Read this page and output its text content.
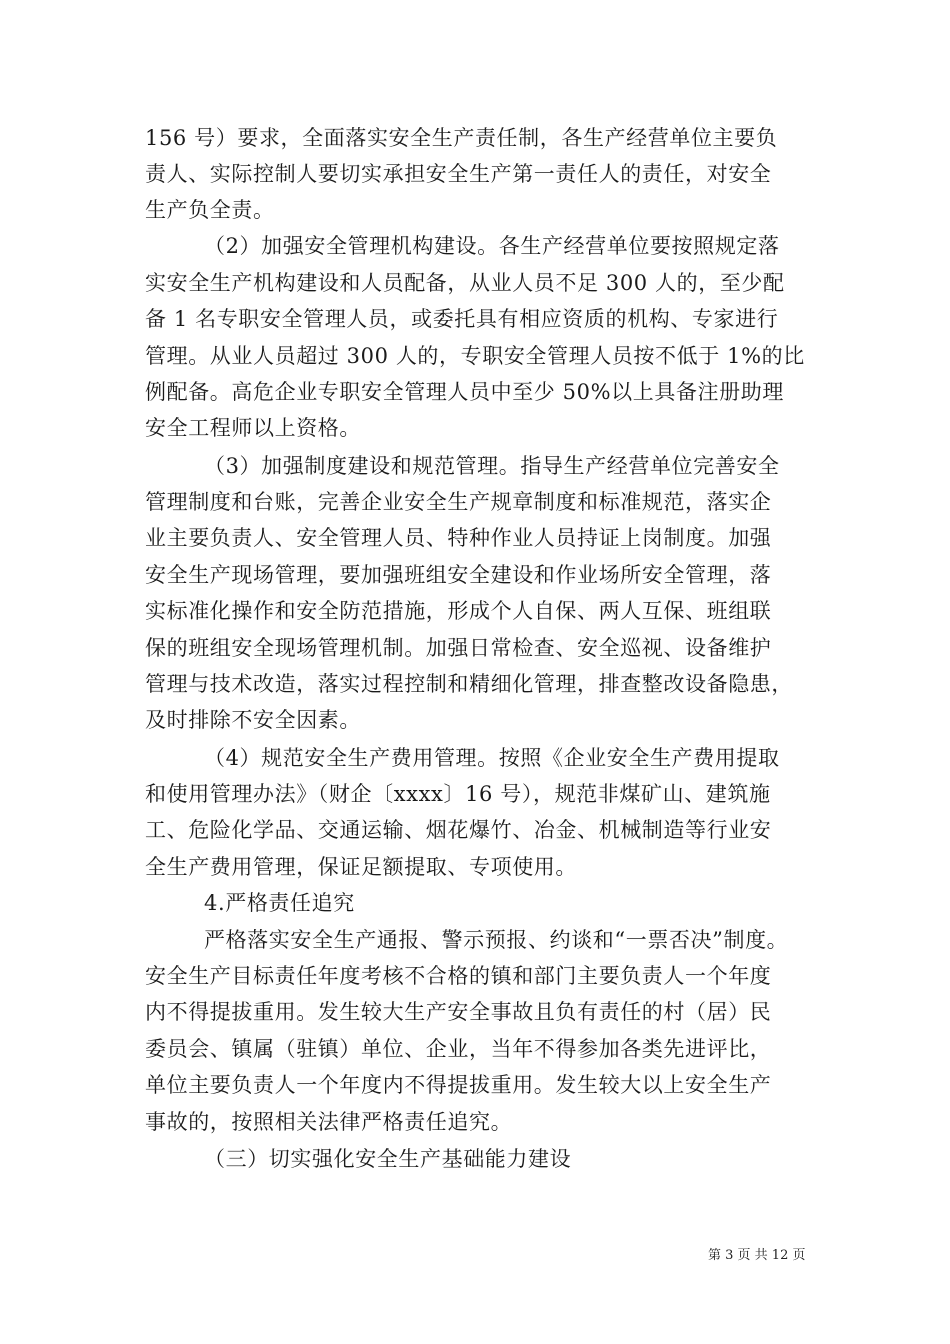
156 号）要求，全面落实安全生产责任制，各生产经营单位主要负
责人、实际控制人要切实承担安全生产第一责任人的责任，对安全
生产负全责。
（2）加强安全管理机构建设。各生产经营单位要按照规定落
实安全生产机构建设和人员配备，从业人员不足 300 人的，至少配
备 1 名专职安全管理人员，或委托具有相应资质的机构、专家进行
管理。从业人员超过 300 人的，专职安全管理人员按不低于 1%的比
例配备。高危企业专职安全管理人员中至少 50%以上具备注册助理
安全工程师以上资格。
（3）加强制度建设和规范管理。指导生产经营单位完善安全
管理制度和台账，完善企业安全生产规章制度和标准规范，落实企
业主要负责人、安全管理人员、特种作业人员持证上岗制度。加强
安全生产现场管理，要加强班组安全建设和作业场所安全管理，落
实标准化操作和安全防范措施，形成个人自保、两人互保、班组联
保的班组安全现场管理机制。加强日常检查、安全巡视、设备维护
管理与技术改造，落实过程控制和精细化管理，排查整改设备隐患，
及时排除不安全因素。
（4）规范安全生产费用管理。按照《企业安全生产费用提取
和使用管理办法》（财企〔xxxx〕16 号），规范非煤矿山、建筑施
工、危险化学品、交通运输、烟花爆竹、冶金、机械制造等行业安
全生产费用管理，保证足额提取、专项使用。
4.严格责任追究
严格落实安全生产通报、警示预报、约谈和“一票否决”制度。
安全生产目标责任年度考核不合格的镇和部门主要负责人一个年度
内不得提拔重用。发生较大生产安全事故且负有责任的村（居）民
委员会、镇属（驻镇）单位、企业，当年不得参加各类先进评比，
单位主要负责人一个年度内不得提拔重用。发生较大以上安全生产
事故的，按照相关法律严格责任追究。
（三）切实强化安全生产基础能力建设
第 3 页 共 12 页
